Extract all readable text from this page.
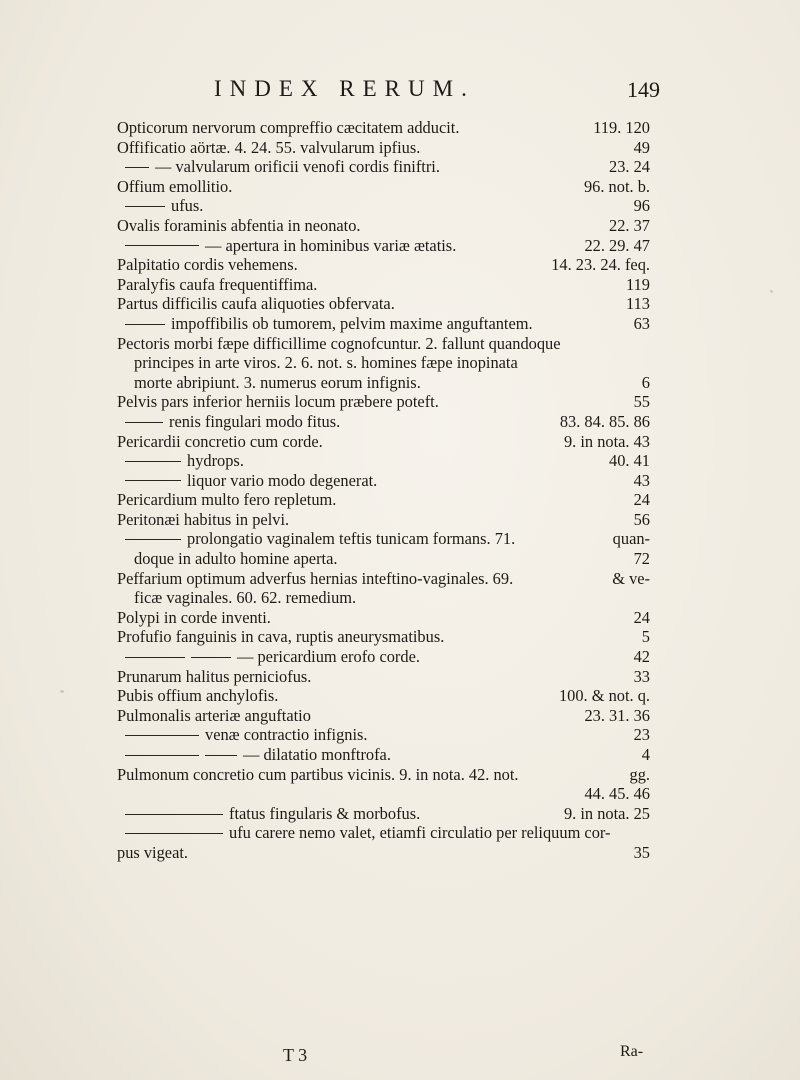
INDEX RERUM.	149
Opticorum nervorum compreffio cæcitatem adducit.	119. 120
Offificatio aörtæ. 4. 24. 55. valvularum ipfius.	49
— valvularum orificii venofi cordis finiftri.	23. 24
Offium emollitio.	96. not. b.
ufus.	96
Ovalis foraminis abfentia in neonato.	22. 37
— apertura in hominibus variæ ætatis.	22. 29. 47
Palpitatio cordis vehemens.	14. 23. 24. feq.
Paralyfis caufa frequentiffima.	119
Partus difficilis caufa aliquoties obfervata.	113
impoffibilis ob tumorem, pelvim maxime anguftantem.	63
Pectoris morbi fæpe difficillime cognofcuntur. 2. fallunt quandoque
principes in arte viros. 2. 6. not. s. homines fæpe inopinata
morte abripiunt. 3. numerus eorum infignis.	6
Pelvis pars inferior herniis locum præbere poteft.	55
renis fingulari modo fitus.	83. 84. 85. 86
Pericardii concretio cum corde.	9. in nota. 43
hydrops.	40. 41
liquor vario modo degenerat.	43
Pericardium multo fero repletum.	24
Peritonæi habitus in pelvi.	56
prolongatio vaginalem teftis tunicam formans. 71.	quan-
doque in adulto homine aperta.	72
Peffarium optimum adverfus hernias inteftino-vaginales. 69.	& ve-
ficæ vaginales. 60. 62. remedium.
Polypi in corde inventi.	24
Profufio fanguinis in cava, ruptis aneurysmatibus.	5
— pericardium erofo corde.	42
Prunarum halitus perniciofus.	33
Pubis offium anchylofis.	100. & not. q.
Pulmonalis arteriæ anguftatio	23. 31. 36
venæ contractio infignis.	23
— dilatatio monftrofa.	4
Pulmonum concretio cum partibus vicinis. 9. in nota. 42. not.	gg.
44. 45. 46
ftatus fingularis & morbofus.	9. in nota. 25
ufu carere nemo valet, etiamfi circulatio per reliquum cor-
pus vigeat.	35
T 3	Ra-
